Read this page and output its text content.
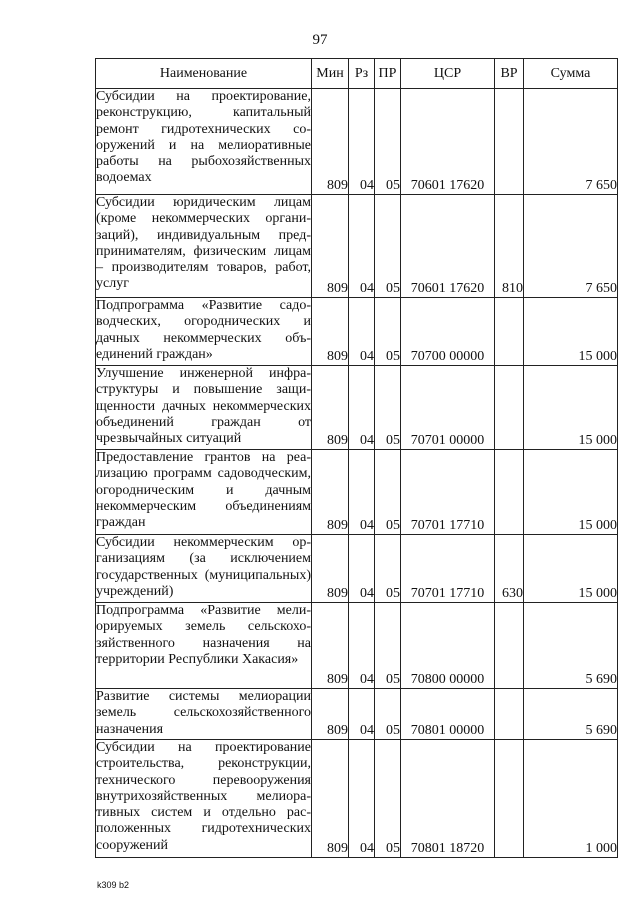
97
Наименование	Мин	Рз	ПР	ЦСР	ВР	Сумма
Субсидии на проектирование, реконструкцию, капитальный ремонт гидротехнических сооружений и на мелиоративные работы на рыбохозяйственных водоемах	809	04	05	70601 17620		7 650
Субсидии юридическим лицам (кроме некоммерческих организаций), индивидуальным предпринимателям, физическим лицам – производителям товаров, работ, услуг	809	04	05	70601 17620	810	7 650
Подпрограмма «Развитие садоводческих, огороднических и дачных некоммерческих объединений граждан»	809	04	05	70700 00000		15 000
Улучшение инженерной инфраструктуры и повышение защищенности дачных некоммерческих объединений граждан от чрезвычайных ситуаций	809	04	05	70701 00000		15 000
Предоставление грантов на реализацию программ садоводческим, огородническим и дачным некоммерческим объединениям граждан	809	04	05	70701 17710		15 000
Субсидии некоммерческим организациям (за исключением государственных (муниципальных) учреждений)	809	04	05	70701 17710	630	15 000
Подпрограмма «Развитие мелиорируемых земель сельскохозяйственного назначения на территории Республики Хакасия»	809	04	05	70800 00000		5 690
Развитие системы мелиорации земель сельскохозяйственного назначения	809	04	05	70801 00000		5 690
Субсидии на проектирование строительства, реконструкции, технического перевооружения внутрихозяйственных мелиоративных систем и отдельно расположенных гидротехнических сооружений	809	04	05	70801 18720		1 000
k309 b2
